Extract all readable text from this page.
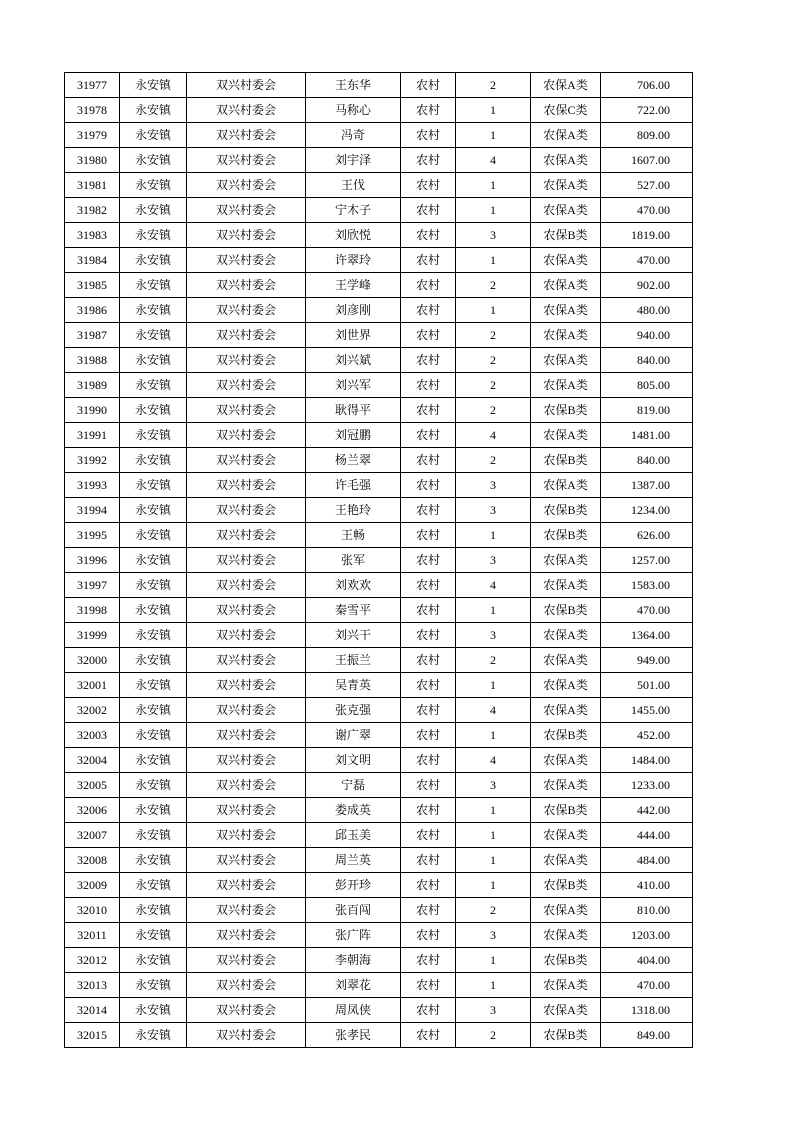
31977	永安镇	双兴村委会	王东华	农村	2	农保A类	706.00
31978	永安镇	双兴村委会	马称心	农村	1	农保C类	722.00
31979	永安镇	双兴村委会	冯奇	农村	1	农保A类	809.00
31980	永安镇	双兴村委会	刘宇泽	农村	4	农保A类	1607.00
31981	永安镇	双兴村委会	王伐	农村	1	农保A类	527.00
31982	永安镇	双兴村委会	宁木子	农村	1	农保A类	470.00
31983	永安镇	双兴村委会	刘欣悦	农村	3	农保B类	1819.00
31984	永安镇	双兴村委会	许翠玲	农村	1	农保A类	470.00
31985	永安镇	双兴村委会	王学峰	农村	2	农保A类	902.00
31986	永安镇	双兴村委会	刘彦刚	农村	1	农保A类	480.00
31987	永安镇	双兴村委会	刘世界	农村	2	农保A类	940.00
31988	永安镇	双兴村委会	刘兴斌	农村	2	农保A类	840.00
31989	永安镇	双兴村委会	刘兴军	农村	2	农保A类	805.00
31990	永安镇	双兴村委会	耿得平	农村	2	农保B类	819.00
31991	永安镇	双兴村委会	刘冠鹏	农村	4	农保A类	1481.00
31992	永安镇	双兴村委会	杨兰翠	农村	2	农保B类	840.00
31993	永安镇	双兴村委会	许毛强	农村	3	农保A类	1387.00
31994	永安镇	双兴村委会	王艳玲	农村	3	农保B类	1234.00
31995	永安镇	双兴村委会	王畅	农村	1	农保B类	626.00
31996	永安镇	双兴村委会	张军	农村	3	农保A类	1257.00
31997	永安镇	双兴村委会	刘欢欢	农村	4	农保A类	1583.00
31998	永安镇	双兴村委会	秦雪平	农村	1	农保B类	470.00
31999	永安镇	双兴村委会	刘兴干	农村	3	农保A类	1364.00
32000	永安镇	双兴村委会	王振兰	农村	2	农保A类	949.00
32001	永安镇	双兴村委会	吴青英	农村	1	农保A类	501.00
32002	永安镇	双兴村委会	张克强	农村	4	农保A类	1455.00
32003	永安镇	双兴村委会	谢广翠	农村	1	农保B类	452.00
32004	永安镇	双兴村委会	刘文明	农村	4	农保A类	1484.00
32005	永安镇	双兴村委会	宁磊	农村	3	农保A类	1233.00
32006	永安镇	双兴村委会	娄成英	农村	1	农保B类	442.00
32007	永安镇	双兴村委会	邱玉美	农村	1	农保A类	444.00
32008	永安镇	双兴村委会	周兰英	农村	1	农保A类	484.00
32009	永安镇	双兴村委会	彭开珍	农村	1	农保B类	410.00
32010	永安镇	双兴村委会	张百闯	农村	2	农保A类	810.00
32011	永安镇	双兴村委会	张广阵	农村	3	农保A类	1203.00
32012	永安镇	双兴村委会	李朝海	农村	1	农保B类	404.00
32013	永安镇	双兴村委会	刘翠花	农村	1	农保A类	470.00
32014	永安镇	双兴村委会	周凤侠	农村	3	农保A类	1318.00
32015	永安镇	双兴村委会	张孝民	农村	2	农保B类	849.00
